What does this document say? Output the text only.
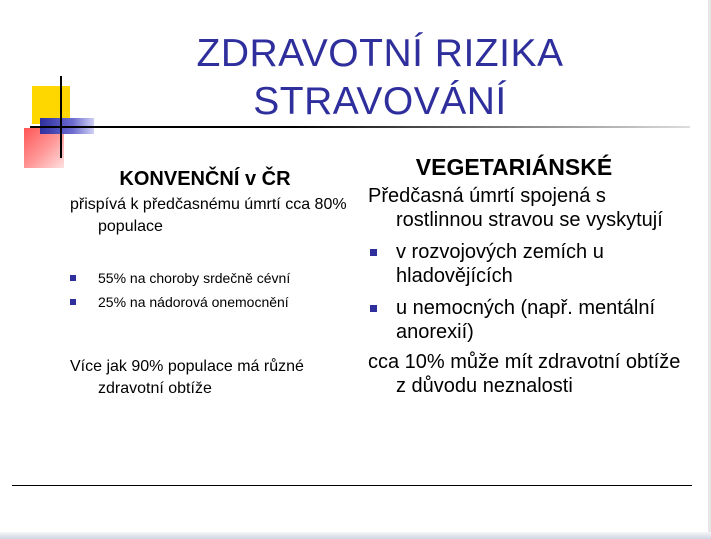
ZDRAVOTNÍ RIZIKA STRAVOVÁNÍ
KONVENČNÍ v ČR
přispívá k předčasnému úmrtí cca 80% populace
55% na choroby srdečně cévní
25% na nádorová onemocnění
Více jak 90% populace má různé zdravotní obtíže
VEGETARIÁNSKÉ
Předčasná úmrtí spojená s rostlinnou stravou se vyskytují
v rozvojových zemích u hladovějících
u nemocných (např. mentální anorexií)
cca 10% může mít zdravotní obtíže z důvodu neznalosti
